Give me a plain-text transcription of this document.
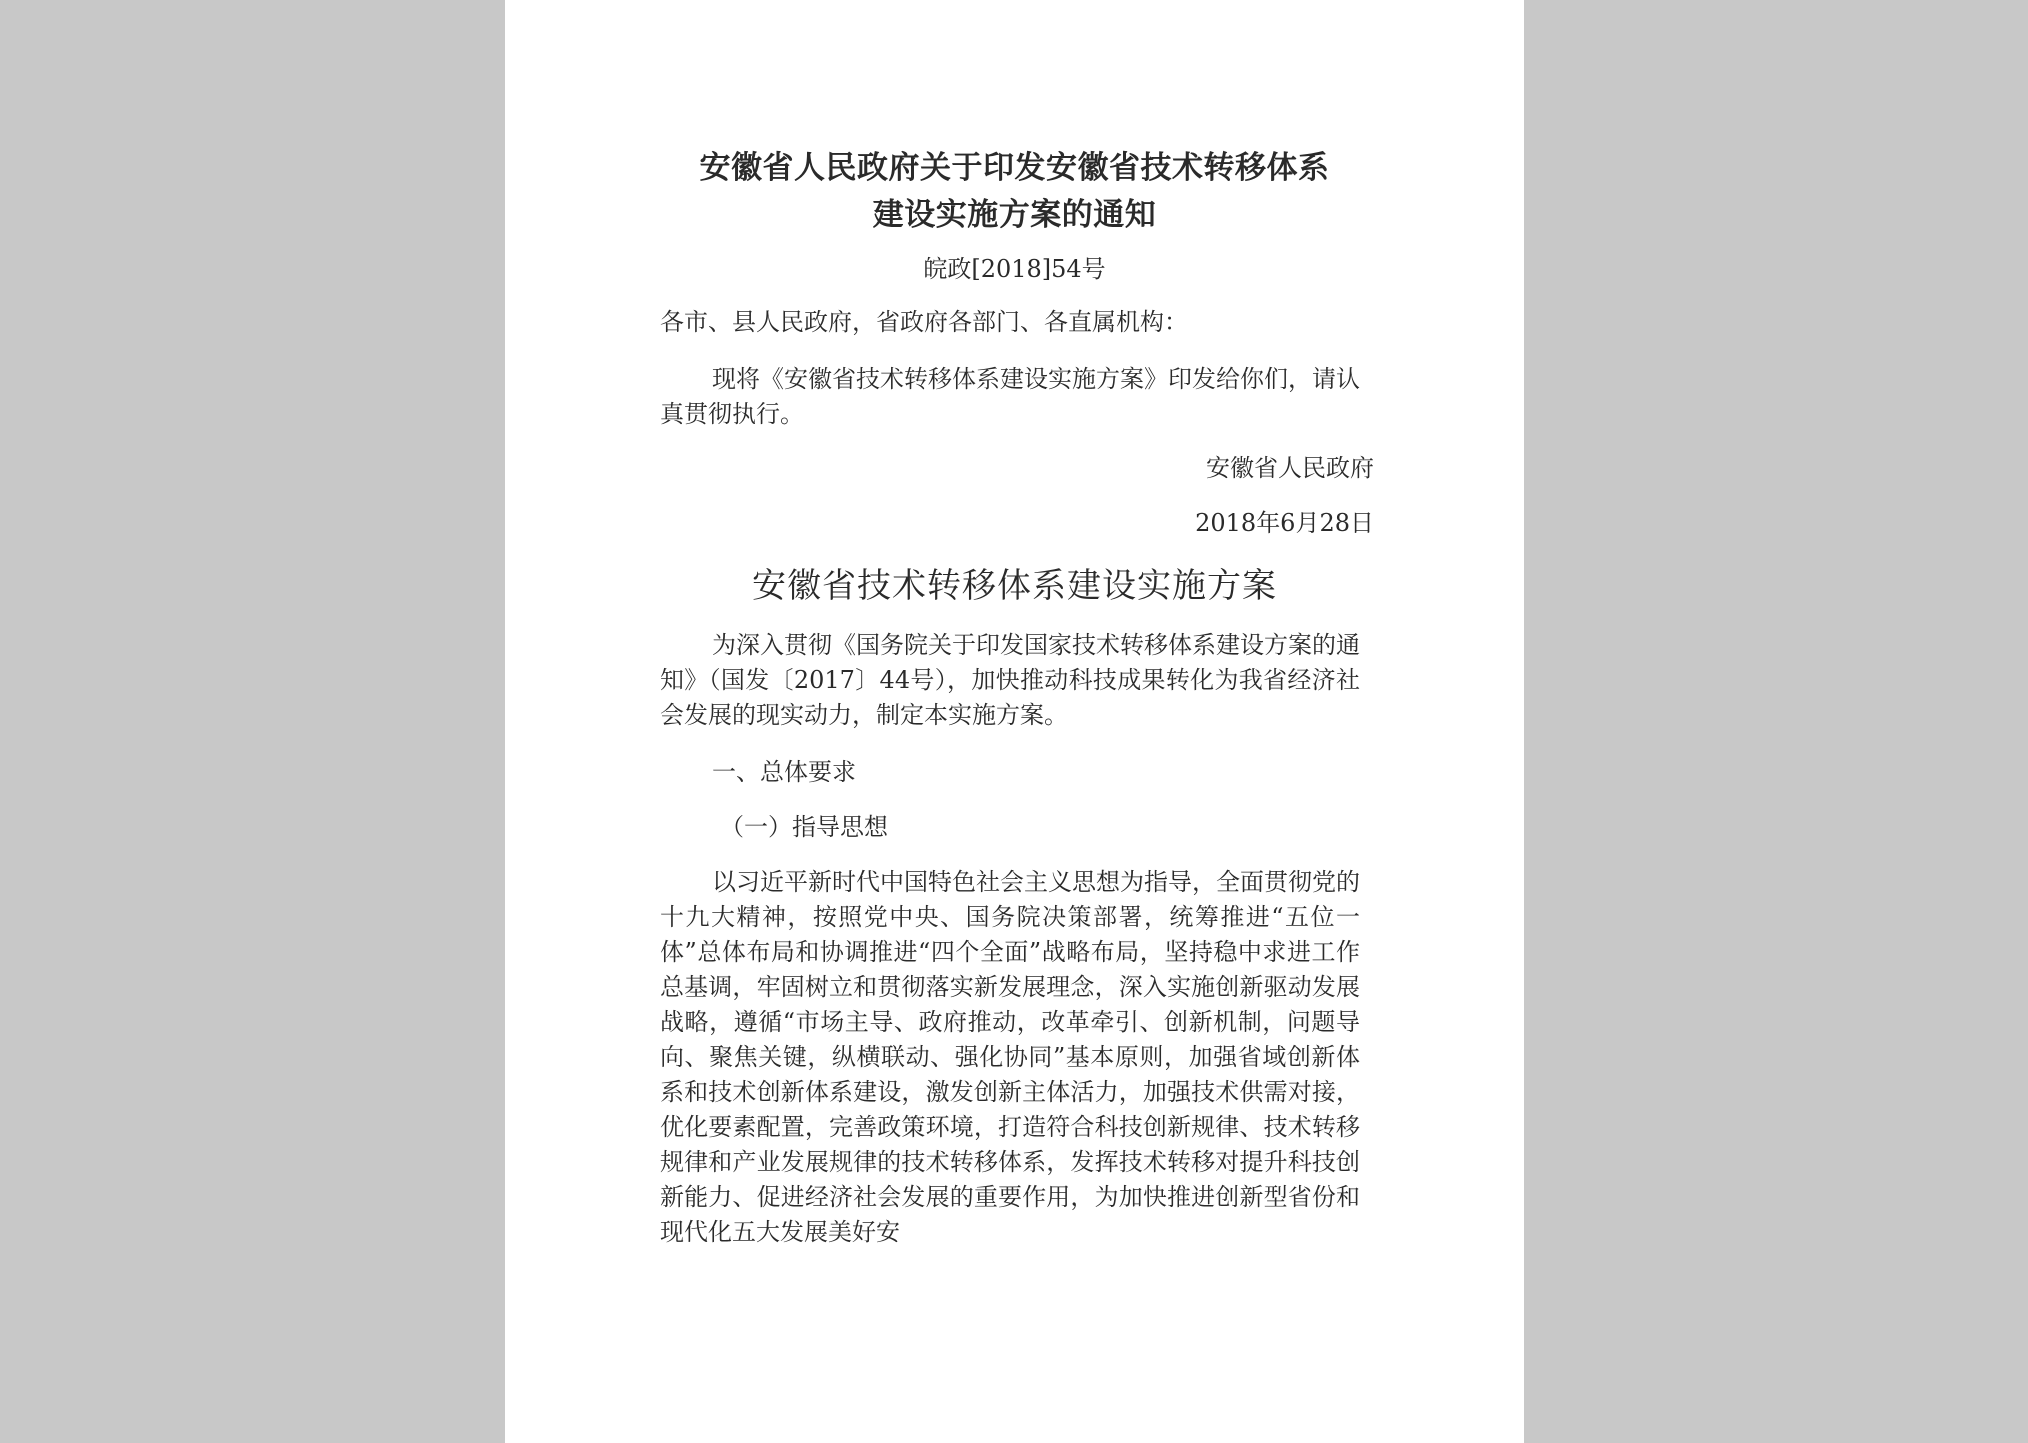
安徽省人民政府关于印发安徽省技术转移体系
建设实施方案的通知
皖政[2018]54号

各市、县人民政府，省政府各部门、各直属机构：

现将《安徽省技术转移体系建设实施方案》印发给你们，请认真贯彻执行。

安徽省人民政府
2018年6月28日
安徽省技术转移体系建设实施方案

为深入贯彻《国务院关于印发国家技术转移体系建设方案的通知》（国发〔2017〕44号），加快推动科技成果转化为我省经济社会发展的现实动力，制定本实施方案。

一、总体要求
（一）指导思想

以习近平新时代中国特色社会主义思想为指导，全面贯彻党的十九大精神，按照党中央、国务院决策部署，统筹推进“五位一体”总体布局和协调推进“四个全面”战略布局，坚持稳中求进工作总基调，牢固树立和贯彻落实新发展理念，深入实施创新驱动发展战略，遵循“市场主导、政府推动，改革牵引、创新机制，问题导向、聚焦关键，纵横联动、强化协同”基本原则，加强省域创新体系和技术创新体系建设，激发创新主体活力，加强技术供需对接，优化要素配置，完善政策环境，打造符合科技创新规律、技术转移规律和产业发展规律的技术转移体系，发挥技术转移对提升科技创新能力、促进经济社会发展的重要作用，为加快推进创新型省份和现代化五大发展美好安
